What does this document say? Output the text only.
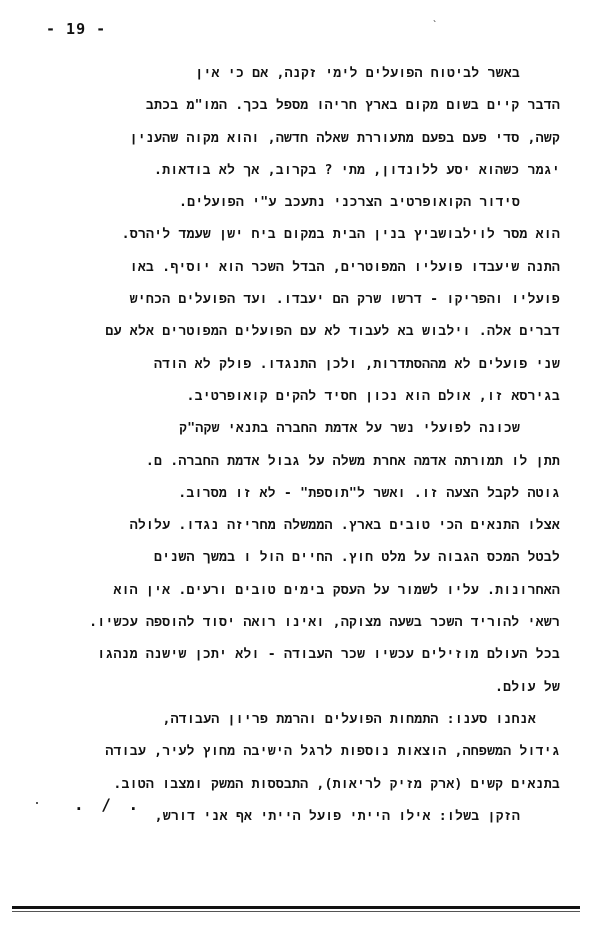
- 19 -	`
באשר לביטוח הפועלים לימי זקנה, אם כי אין
הדבר קיים בשום מקום בארץ חריהו מספל בכך. המו"מ בכתב
קשה, סדי פעם בפעם מתעוררת שאלה חדשה, והוא מקוה שהענין
יגמר כשהוא יסע ללונדון, מתי ? בקרוב, אך לא בודאות.
סידור הקואופרטיב הצרכני נתעכב ע"י הפועלים.
הוא מסר לוילבושביץ בנין הבית במקום ביח ישן שעמד ליהרס.
התנה שיעבדו פועליו המפוטרים, הבדל השכר הוא יוסיף. באו
פועליו והפריקו - דרשו שרק הם יעבדו. ועד הפועלים הכחיש
דברים אלה. וילבוש בא לעבוד לא עם הפועלים המפוטרים אלא עם
שני פועלים לא מההסתדרות, ולכן התנגדו. פולק לא הודה
בגירסא זו, אולם הוא נכון חסיד להקים קואופרטיב.
שכונה לפועלי נשר על אדמת החברה בתנאי שקה"ק
תתן לו תמורתה אדמה אחרת משלה על גבול אדמת החברה. ם.
גוטה לקבל הצעה זו. ואשר ל"תוספת" - לא זו מסרוב.
אצלו התנאים הכי טובים בארץ. הממשלה מחריזה נגדו. עלולה
לבטל המכס הגבוה על מלט חוץ. החיים הול ו במשך השנים
האחרונות. עליו לשמור על העסק בימים טובים ורעים. אין הוא
רשאי להוריד השכר בשעה מצוקה, ואינו רואה יסוד להוספה עכשיו.
בכל העולם מוזילים עכשיו שכר העבודה - ולא יתכן שישנה מנהגו
של עולם.
אנחנו סענו: התמחות הפועלים והרמת פריון העבודה,
גידול המשפחה, הוצאות נוספות לרגל הישיבה מחוץ לעיר, עבודה
בתנאים קשים (ארק מזיק לריאות), התבססות המשק ומצבו הטוב.
הזקן בשלו: אילו הייתי פועל הייתי אף אני דורש,
. / .
